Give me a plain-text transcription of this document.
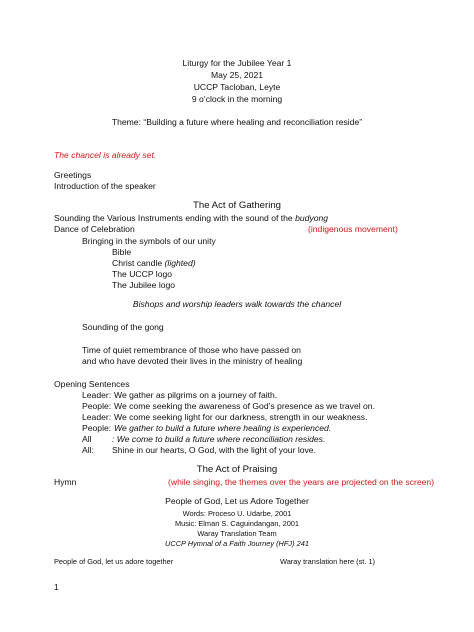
Liturgy for the Jubilee Year 1
May 25, 2021
UCCP Tacloban, Leyte
9 o’clock in the morning
Theme: “Building a future where healing and reconciliation reside”
The chancel is already set.
Greetings
Introduction of the speaker
The Act of Gathering
Sounding the Various Instruments ending with the sound of the budyong
Dance of Celebration	(indigenous movement)
Bringing in the symbols of our unity
Bible
Christ candle (lighted)
The UCCP logo
The Jubilee logo
Bishops and worship leaders walk towards the chancel
Sounding of the gong
Time of quiet remembrance of those who have passed on
and who have devoted their lives in the ministry of healing
Opening Sentences
Leader: We gather as pilgrims on a journey of faith.
People: We come seeking the awareness of God’s presence as we travel on.
Leader: We come seeking light for our darkness, strength in our weakness.
People: We gather to build a future where healing is experienced.
All : We come to build a future where reconciliation resides.
All: Shine in our hearts, O God, with the light of your love.
The Act of Praising
Hymn	(while singing, the themes over the years are projected on the screen)
People of God, Let us Adore Together
Words: Proceso U. Udarbe, 2001
Music: Elman S. Caguindangan, 2001
Waray Translation Team
UCCP Hymnal of a Faith Journey (HFJ) 241
People of God, let us adore together	Waray translation here (st. 1)
1
